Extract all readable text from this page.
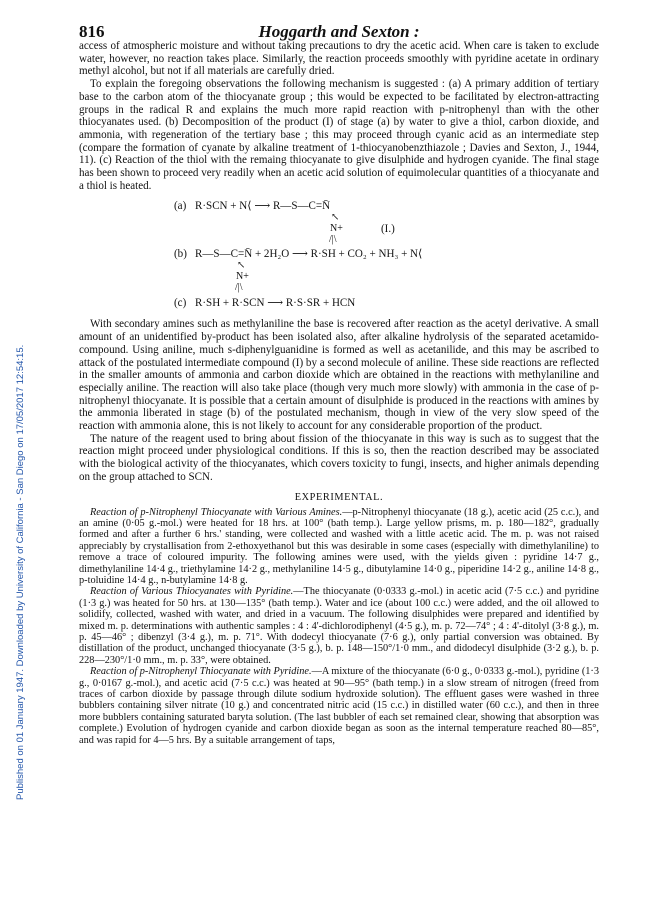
Published on 01 January 1947. Downloaded by University of California - San Diego on 17/05/2017 12:54:15.
816	Hoggarth and Sexton :

access of atmospheric moisture and without taking precautions to dry the acetic acid. When care is taken to exclude water, however, no reaction takes place. Similarly, the reaction proceeds smoothly with pyridine acetate in ordinary methyl alcohol, but not if all materials are carefully dried.

To explain the foregoing observations the following mechanism is suggested : (a) A primary addition of tertiary base to the carbon atom of the thiocyanate group ; this would be expected to be facilitated by electron-attracting groups in the radical R and explains the much more rapid reaction with p-nitrophenyl than with the other thiocyanates used. (b) Decomposition of the product (I) of stage (a) by water to give a thiol, carbon dioxide, and ammonia, with regeneration of the tertiary base ; this may proceed through cyanic acid as an intermediate step (compare the formation of cyanate by alkaline treatment of 1-thiocyanobenzthiazole ; Davies and Sexton, J., 1944, 11). (c) Reaction of the thiol with the remaing thiocyanate to give disulphide and hydrogen cyanide. The final stage has been shown to proceed very readily when an acetic acid solution of equimolecular quantities of a thiocyanate and a thiol is heated.

(a) R·SCN + N⟨ ⟶ R—S—C=N̄
↖
N+	(I.)
/|\
(b) R—S—C=N̄ + 2H₂O ⟶ R·SH + CO₂ + NH₃ + N⟨
↖
N+
/|\
(c) R·SH + R·SCN ⟶ R·S·SR + HCN

With secondary amines such as methylaniline the base is recovered after reaction as the acetyl derivative. A small amount of an unidentified by-product has been isolated also, after alkaline hydrolysis of the separated acetamido-compound. Using aniline, much s-diphenylguanidine is formed as well as acetanilide, and this may be ascribed to attack of the postulated intermediate compound (I) by a second molecule of aniline. These side reactions are reflected in the smaller amounts of ammonia and carbon dioxide which are obtained in the reactions with methylaniline and especially aniline. The reaction will also take place (though very much more slowly) with ammonia in the case of p-nitrophenyl thiocyanate. It is possible that a certain amount of disulphide is produced in the reactions with amines by the ammonia liberated in stage (b) of the postulated mechanism, though in view of the very slow speed of the reaction with ammonia alone, this is not likely to account for any considerable proportion of the product.

The nature of the reagent used to bring about fission of the thiocyanate in this way is such as to suggest that the reaction might proceed under physiological conditions. If this is so, then the reaction described may be associated with the biological activity of the thiocyanates, which covers toxicity to fungi, insects, and higher animals depending on the group attached to SCN.

EXPERIMENTAL.

Reaction of p-Nitrophenyl Thiocyanate with Various Amines.—p-Nitrophenyl thiocyanate (18 g.), acetic acid (25 c.c.), and an amine (0·05 g.-mol.) were heated for 18 hrs. at 100° (bath temp.). Large yellow prisms, m. p. 180—182°, gradually formed and after a further 6 hrs.' standing, were collected and washed with a little acetic acid. The m. p. was not raised appreciably by crystallisation from 2-ethoxyethanol but this was desirable in some cases (especially with dimethylaniline) to remove a trace of coloured impurity. The following amines were used, with the yields given : pyridine 14·7 g., dimethylaniline 14·4 g., triethylamine 14·2 g., methylaniline 14·5 g., dibutylamine 14·0 g., piperidine 14·2 g., aniline 14·8 g., p-toluidine 14·4 g., n-butylamine 14·8 g.

Reaction of Various Thiocyanates with Pyridine.—The thiocyanate (0·0333 g.-mol.) in acetic acid (7·5 c.c.) and pyridine (1·3 g.) was heated for 50 hrs. at 130—135° (bath temp.). Water and ice (about 100 c.c.) were added, and the oil allowed to solidify, collected, washed with water, and dried in a vacuum. The following disulphides were prepared and identified by mixed m. p. determinations with authentic samples : 4 : 4'-dichlorodiphenyl (4·5 g.), m. p. 72—74° ; 4 : 4'-ditolyl (3·8 g.), m. p. 45—46° ; dibenzyl (3·4 g.), m. p. 71°. With dodecyl thiocyanate (7·6 g.), only partial conversion was obtained. By distillation of the product, unchanged thiocyanate (3·5 g.), b. p. 148—150°/1·0 mm., and didodecyl disulphide (3·2 g.), b. p. 228—230°/1·0 mm., m. p. 33°, were obtained.

Reaction of p-Nitrophenyl Thiocyanate with Pyridine.—A mixture of the thiocyanate (6·0 g., 0·0333 g.-mol.), pyridine (1·3 g., 0·0167 g.-mol.), and acetic acid (7·5 c.c.) was heated at 90—95° (bath temp.) in a slow stream of nitrogen (freed from traces of carbon dioxide by passage through dilute sodium hydroxide solution). The effluent gases were washed in three bubblers containing silver nitrate (10 g.) and concentrated nitric acid (15 c.c.) in distilled water (60 c.c.), and then in three more bubblers containing saturated baryta solution. (The last bubbler of each set remained clear, showing that absorption was complete.) Evolution of hydrogen cyanide and carbon dioxide began as soon as the internal temperature reached 80—85°, and was rapid for 4—5 hrs. By a suitable arrangement of taps,
